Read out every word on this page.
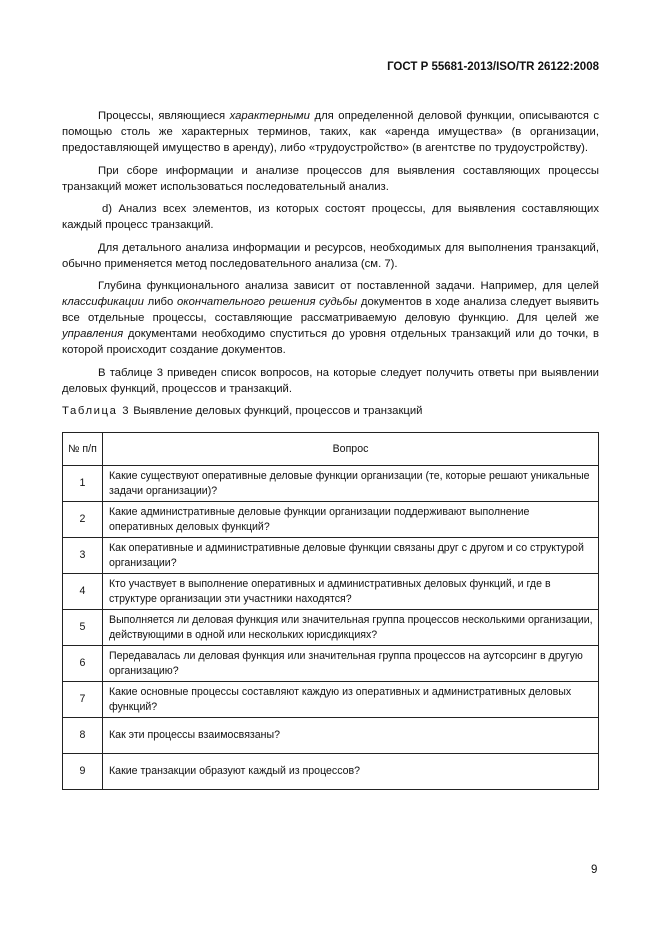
ГОСТ Р 55681-2013/ISO/TR 26122:2008

Процессы, являющиеся характерными для определенной деловой функции, описываются с помощью столь же характерных терминов, таких, как «аренда имущества» (в организации, предоставляющей имущество в аренду), либо «трудоустройство» (в агентстве по трудоустройству).

При сборе информации и анализе процессов для выявления составляющих процессы транзакций может использоваться последовательный анализ.

d) Анализ всех элементов, из которых состоят процессы, для выявления составляющих каждый процесс транзакций.

Для детального анализа информации и ресурсов, необходимых для выполнения транзакций, обычно применяется метод последовательного анализа (см. 7).

Глубина функционального анализа зависит от поставленной задачи. Например, для целей классификации либо окончательного решения судьбы документов в ходе анализа следует выявить все отдельные процессы, составляющие рассматриваемую деловую функцию. Для целей же управления документами необходимо спуститься до уровня отдельных транзакций или до точки, в которой происходит создание документов.

В таблице 3 приведен список вопросов, на которые следует получить ответы при выявлении деловых функций, процессов и транзакций.

Таблица 3 Выявление деловых функций, процессов и транзакций
№ п/п	Вопрос
1	Какие существуют оперативные деловые функции организации (те, которые решают уникальные задачи организации)?
2	Какие административные деловые функции организации поддерживают выполнение оперативных деловых функций?
3	Как оперативные и административные деловые функции связаны друг с другом и со структурой организации?
4	Кто участвует в выполнение оперативных и административных деловых функций, и где в структуре организации эти участники находятся?
5	Выполняется ли деловая функция или значительная группа процессов несколькими организации, действующими в одной или нескольких юрисдикциях?
6	Передавалась ли деловая функция или значительная группа процессов на аутсорсинг в другую организацию?
7	Какие основные процессы составляют каждую из оперативных и административных деловых функций?
8	Как эти процессы взаимосвязаны?
9	Какие транзакции образуют каждый из процессов?
9
